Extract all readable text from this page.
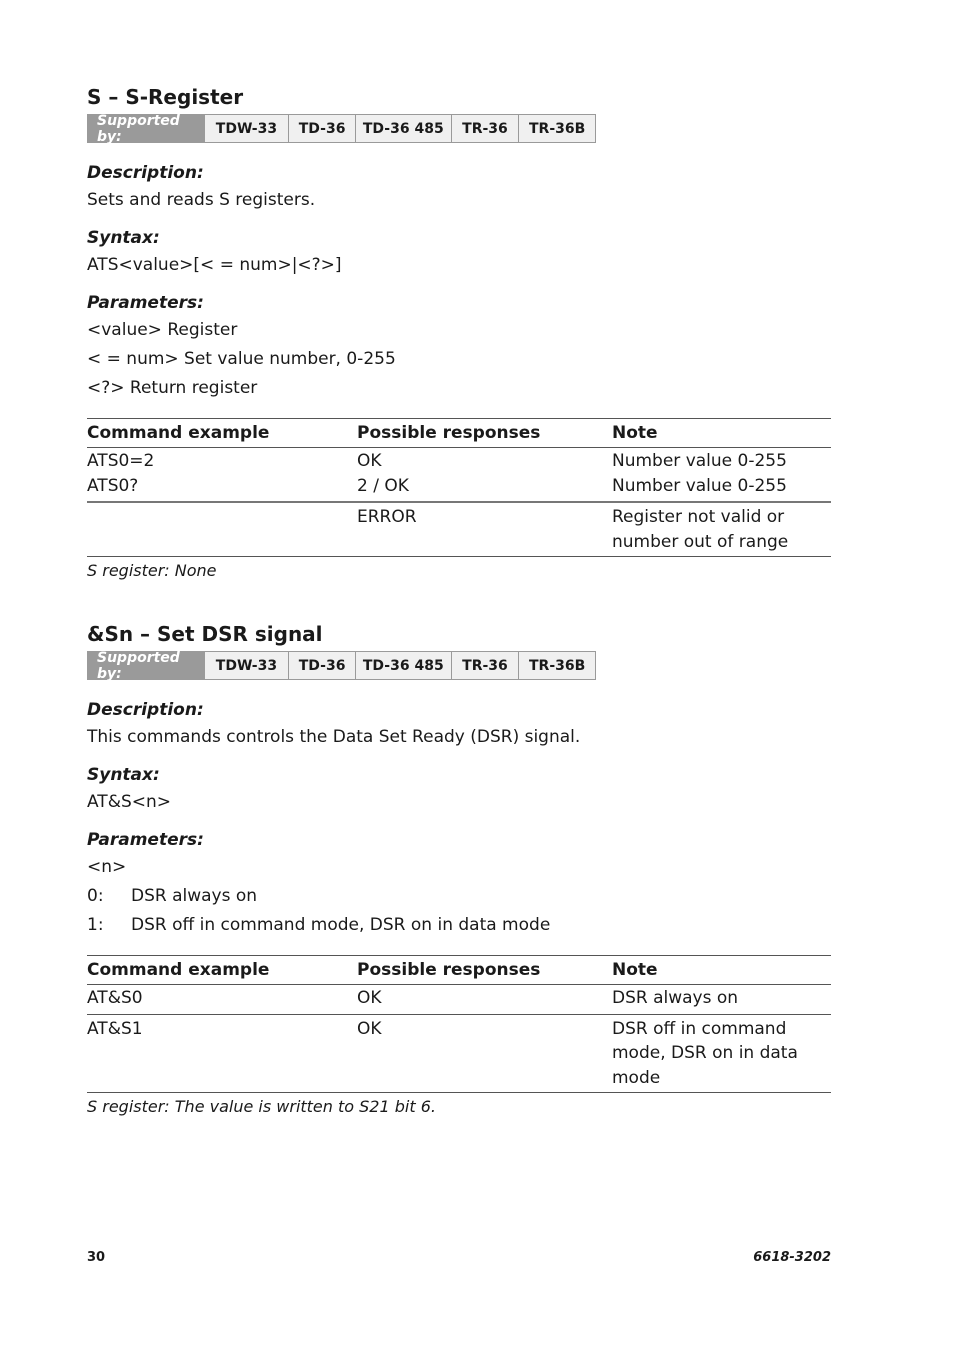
S – S-Register
Supported by:	TDW-33	TD-36	TD-36 485	TR-36	TR-36B

Description:

Sets and reads S registers.

Syntax:

ATS<value>[< = num>|<?>]

Parameters:

<value> Register

< = num> Set value number, 0-255

<?> Return register

Command example	Possible responses	Note
ATS0=2	OK	Number value 0-255
ATS0?	2 / OK	Number value 0-255
	ERROR	Register not valid or number out of range

S register: None

&Sn – Set DSR signal
Supported by:	TDW-33	TD-36	TD-36 485	TR-36	TR-36B

Description:

This commands controls the Data Set Ready (DSR) signal.

Syntax:

AT&S<n>

Parameters:

<n>

0:	DSR always on
1:	DSR off in command mode, DSR on in data mode
Command example	Possible responses	Note
AT&S0	OK	DSR always on
AT&S1	OK	DSR off in command mode, DSR on in data mode

S register: The value is written to S21 bit 6.

30	6618-3202
